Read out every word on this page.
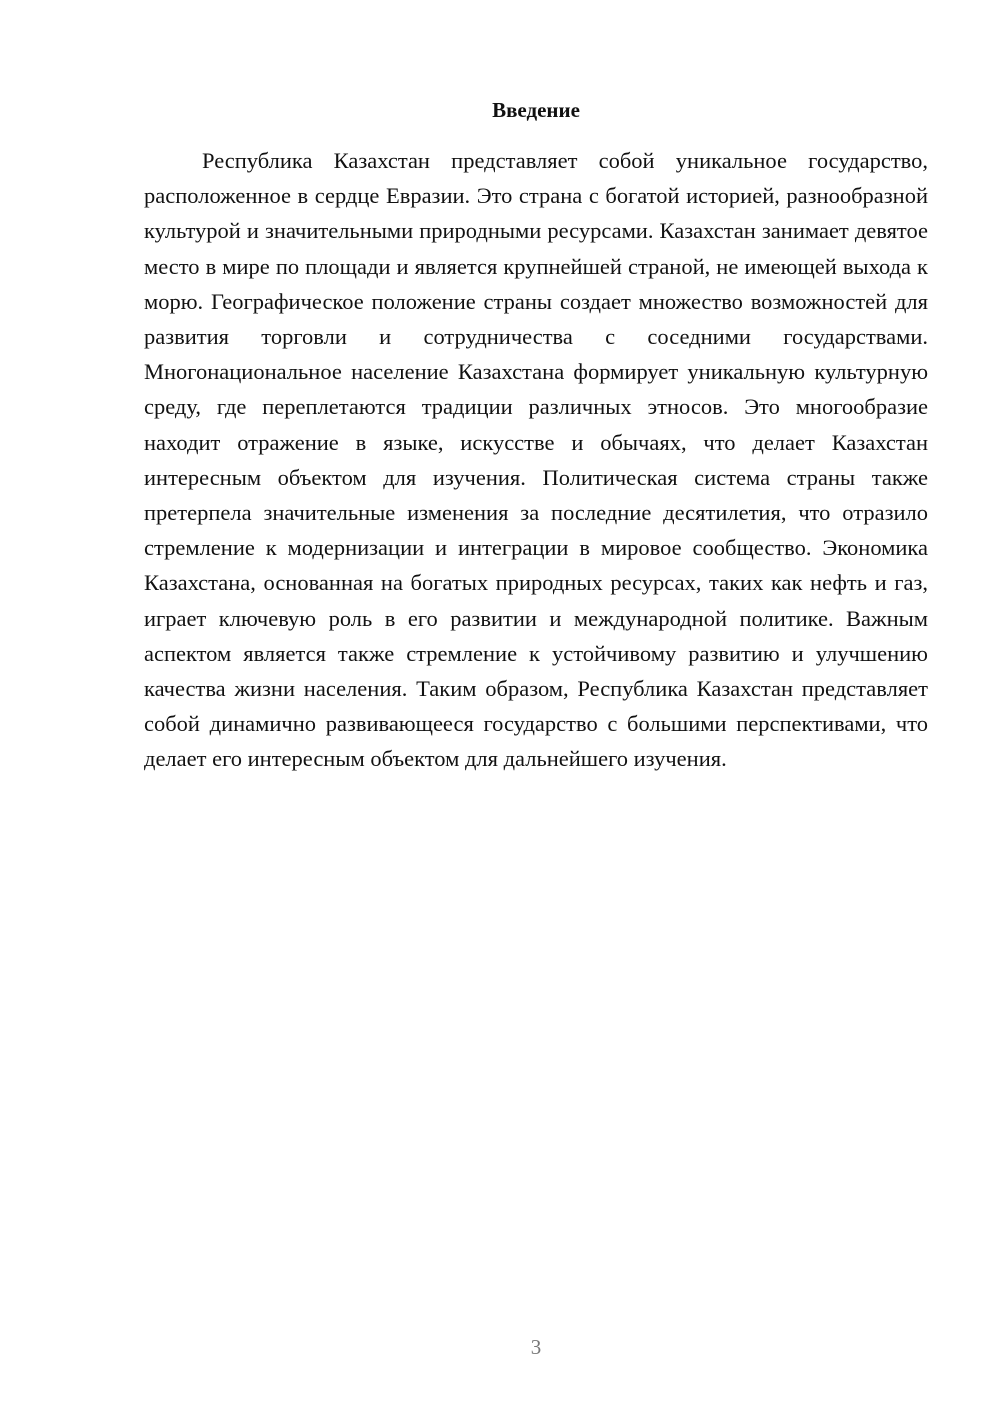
Введение

Республика Казахстан представляет собой уникальное государство, расположенное в сердце Евразии. Это страна с богатой историей, разнообразной культурой и значительными природными ресурсами. Казахстан занимает девятое место в мире по площади и является крупнейшей страной, не имеющей выхода к морю. Географическое положение страны создает множество возможностей для развития торговли и сотрудничества с соседними государствами. Многонациональное население Казахстана формирует уникальную культурную среду, где переплетаются традиции различных этносов. Это многообразие находит отражение в языке, искусстве и обычаях, что делает Казахстан интересным объектом для изучения. Политическая система страны также претерпела значительные изменения за последние десятилетия, что отразило стремление к модернизации и интеграции в мировое сообщество. Экономика Казахстана, основанная на богатых природных ресурсах, таких как нефть и газ, играет ключевую роль в его развитии и международной политике. Важным аспектом является также стремление к устойчивому развитию и улучшению качества жизни населения. Таким образом, Республика Казахстан представляет собой динамично развивающееся государство с большими перспективами, что делает его интересным объектом для дальнейшего изучения.

3
